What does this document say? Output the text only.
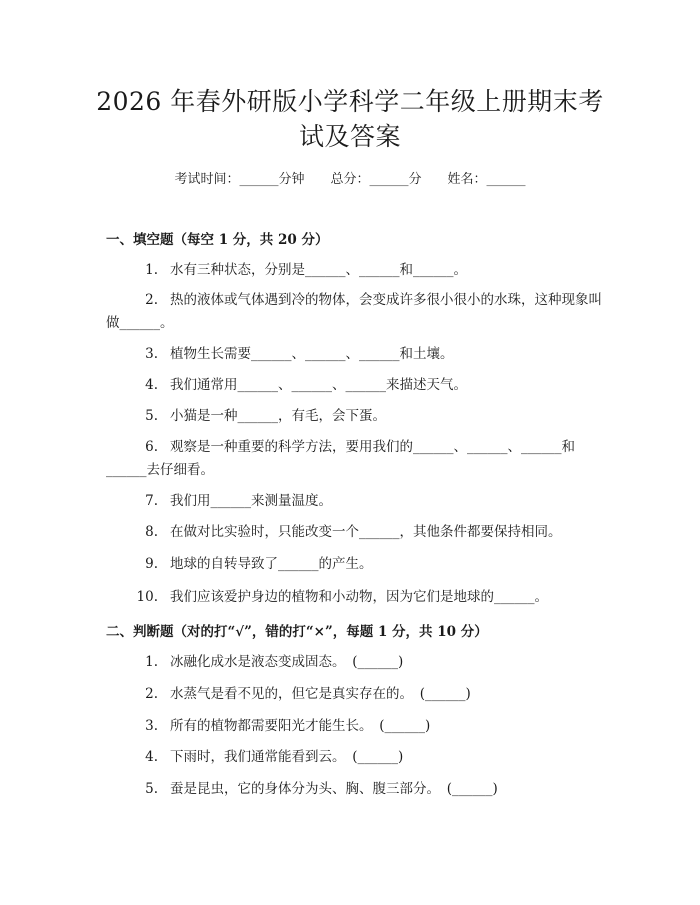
2026 年春外研版小学科学二年级上册期末考
试及答案
考试时间：______分钟　　总分：______分　　姓名：______
一、填空题（每空 1 分，共 20 分）
1. 水有三种状态，分别是______、______和______。
2. 热的液体或气体遇到冷的物体，会变成许多很小很小的水珠，这种现象叫
做______。
3. 植物生长需要______、______、______和土壤。
4. 我们通常用______、______、______来描述天气。
5. 小猫是一种______，有毛，会下蛋。
6. 观察是一种重要的科学方法，要用我们的______、______、______和
______去仔细看。
7. 我们用______来测量温度。
8. 在做对比实验时，只能改变一个______，其他条件都要保持相同。
9. 地球的自转导致了______的产生。
10. 我们应该爱护身边的植物和小动物，因为它们是地球的______。
二、判断题（对的打“√”，错的打“×”，每题 1 分，共 10 分）
1. 冰融化成水是液态变成固态。　(______)
2. 水蒸气是看不见的，但它是真实存在的。　(______)
3. 所有的植物都需要阳光才能生长。　(______)
4. 下雨时，我们通常能看到云。　(______)
5. 蚕是昆虫，它的身体分为头、胸、腹三部分。　(______)
